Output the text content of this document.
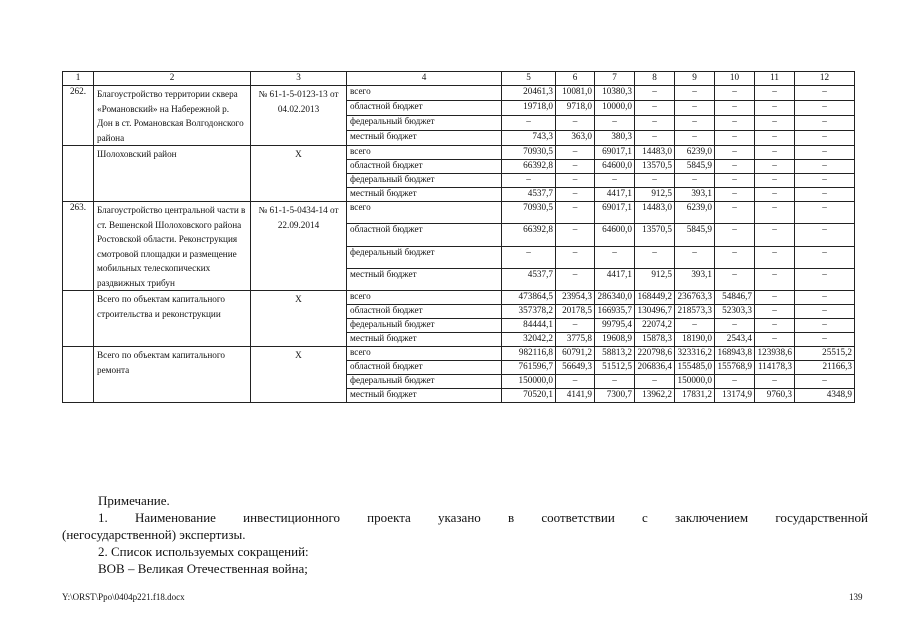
1	2	3	4	5	6	7	8	9	10	11	12
262.	Благоустройство территории сквера «Романовский» на Набережной р. Дон в ст. Романовская Волгодонского района	№ 61-1-5-0123-13 от 04.02.2013	всего	20461,3	10081,0	10380,3	–	–	–	–	–
			областной бюджет	19718,0	9718,0	10000,0	–	–	–	–	–
			федеральный бюджет	–	–	–	–	–	–	–	–
			местный бюджет	743,3	363,0	380,3	–	–	–	–	–
	Шолоховский район	Х	всего	70930,5	–	69017,1	14483,0	6239,0	–	–	–
			областной бюджет	66392,8	–	64600,0	13570,5	5845,9	–	–	–
			федеральный бюджет	–	–	–	–	–	–	–	–
			местный бюджет	4537,7	–	4417,1	912,5	393,1	–	–	–
263.	Благоустройство центральной части в ст. Вешенской Шолоховского района Ростовской области. Реконструкция смотровой площадки и размещение мобильных телескопических раздвижных трибун	№ 61-1-5-0434-14 от 22.09.2014	всего	70930,5	–	69017,1	14483,0	6239,0	–	–	–
			областной бюджет	66392,8	–	64600,0	13570,5	5845,9	–	–	–
			федеральный бюджет	–	–	–	–	–	–	–	–
			местный бюджет	4537,7	–	4417,1	912,5	393,1	–	–	–
	Всего по объектам капитального строительства и реконструкции	Х	всего	473864,5	23954,3	286340,0	168449,2	236763,3	54846,7	–	–
			областной бюджет	357378,2	20178,5	166935,7	130496,7	218573,3	52303,3	–	–
			федеральный бюджет	84444,1	–	99795,4	22074,2	–	–	–	–
			местный бюджет	32042,2	3775,8	19608,9	15878,3	18190,0	2543,4	–	–
	Всего по объектам капитального ремонта	Х	всего	982116,8	60791,2	58813,2	220798,6	323316,2	168943,8	123938,6	25515,2
			областной бюджет	761596,7	56649,3	51512,5	206836,4	155485,0	155768,9	114178,3	21166,3
			федеральный бюджет	150000,0	–	–	–	150000,0	–	–	–
			местный бюджет	70520,1	4141,9	7300,7	13962,2	17831,2	13174,9	9760,3	4348,9
Примечание.
1. Наименование инвестиционного проекта указано в соответствии с заключением государственной
(негосударственной) экспертизы.
2. Список используемых сокращений:
ВОВ – Великая Отечественная война;
Y:\ORST\Ppo\0404p221.f18.docx	139
